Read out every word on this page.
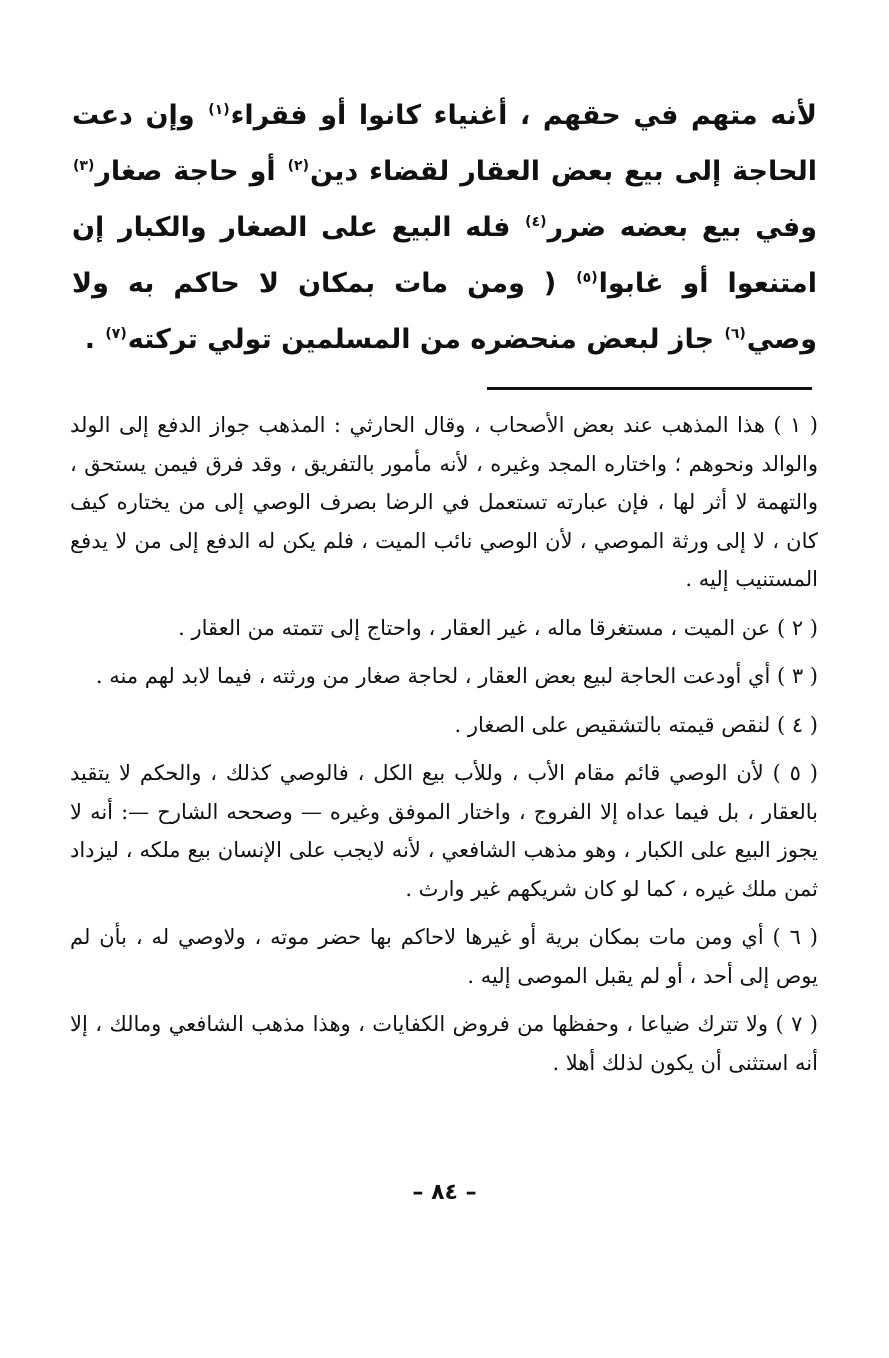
لأنه متهم في حقهم ، أغنياء كانوا أو فقراء$^{(١)}$ وإن دعت الحاجة إلى بيع بعض العقار لقضاء دين$^{(٢)}$ أو حاجة صغار$^{(٣)}$ وفي بيع بعضه ضرر$^{(٤)}$ فله البيع على الصغار والكبار إن امتنعوا أو غابوا$^{(٥)}$ ( ومن مات بمكان لا حاكم به ولا وصي$^{(٦)}$ جاز لبعض منحضره من المسلمين تولي تركته$^{(٧)}$ .

( ١ ) هذا المذهب عند بعض الأصحاب ، وقال الحارثي : المذهب جواز الدفع إلى الولد والوالد ونحوهم ؛ واختاره المجد وغيره ، لأنه مأمور بالتفريق ، وقد فرق فيمن يستحق ، والتهمة لا أثر لها ، فإن عبارته تستعمل في الرضا بصرف الوصي إلى من يختاره كيف كان ، لا إلى ورثة الموصي ، لأن الوصي نائب الميت ، فلم يكن له الدفع إلى من لا يدفع المستنيب إليه .

( ٢ ) عن الميت ، مستغرقا ماله ، غير العقار ، واحتاج إلى تتمته من العقار .

( ٣ ) أي أودعت الحاجة لبيع بعض العقار ، لحاجة صغار من ورثته ، فيما لابد لهم منه .

( ٤ ) لنقص قيمته بالتشقيص على الصغار .

( ٥ ) لأن الوصي قائم مقام الأب ، وللأب بيع الكل ، فالوصي كذلك ، والحكم لا يتقيد بالعقار ، بل فيما عداه إلا الفروج ، واختار الموفق وغيره — وصححه الشارح —: أنه لا يجوز البيع على الكبار ، وهو مذهب الشافعي ، لأنه لايجب على الإنسان بيع ملكه ، ليزداد ثمن ملك غيره ، كما لو كان شريكهم غير وارث .

( ٦ ) أي ومن مات بمكان برية أو غيرها لاحاكم بها حضر موته ، ولاوصي له ، بأن لم يوص إلى أحد ، أو لم يقبل الموصى إليه .

( ٧ ) ولا تترك ضياعا ، وحفظها من فروض الكفايات ، وهذا مذهب الشافعي ومالك ، إلا أنه استثنى أن يكون لذلك أهلا .

– ٨٤ –
